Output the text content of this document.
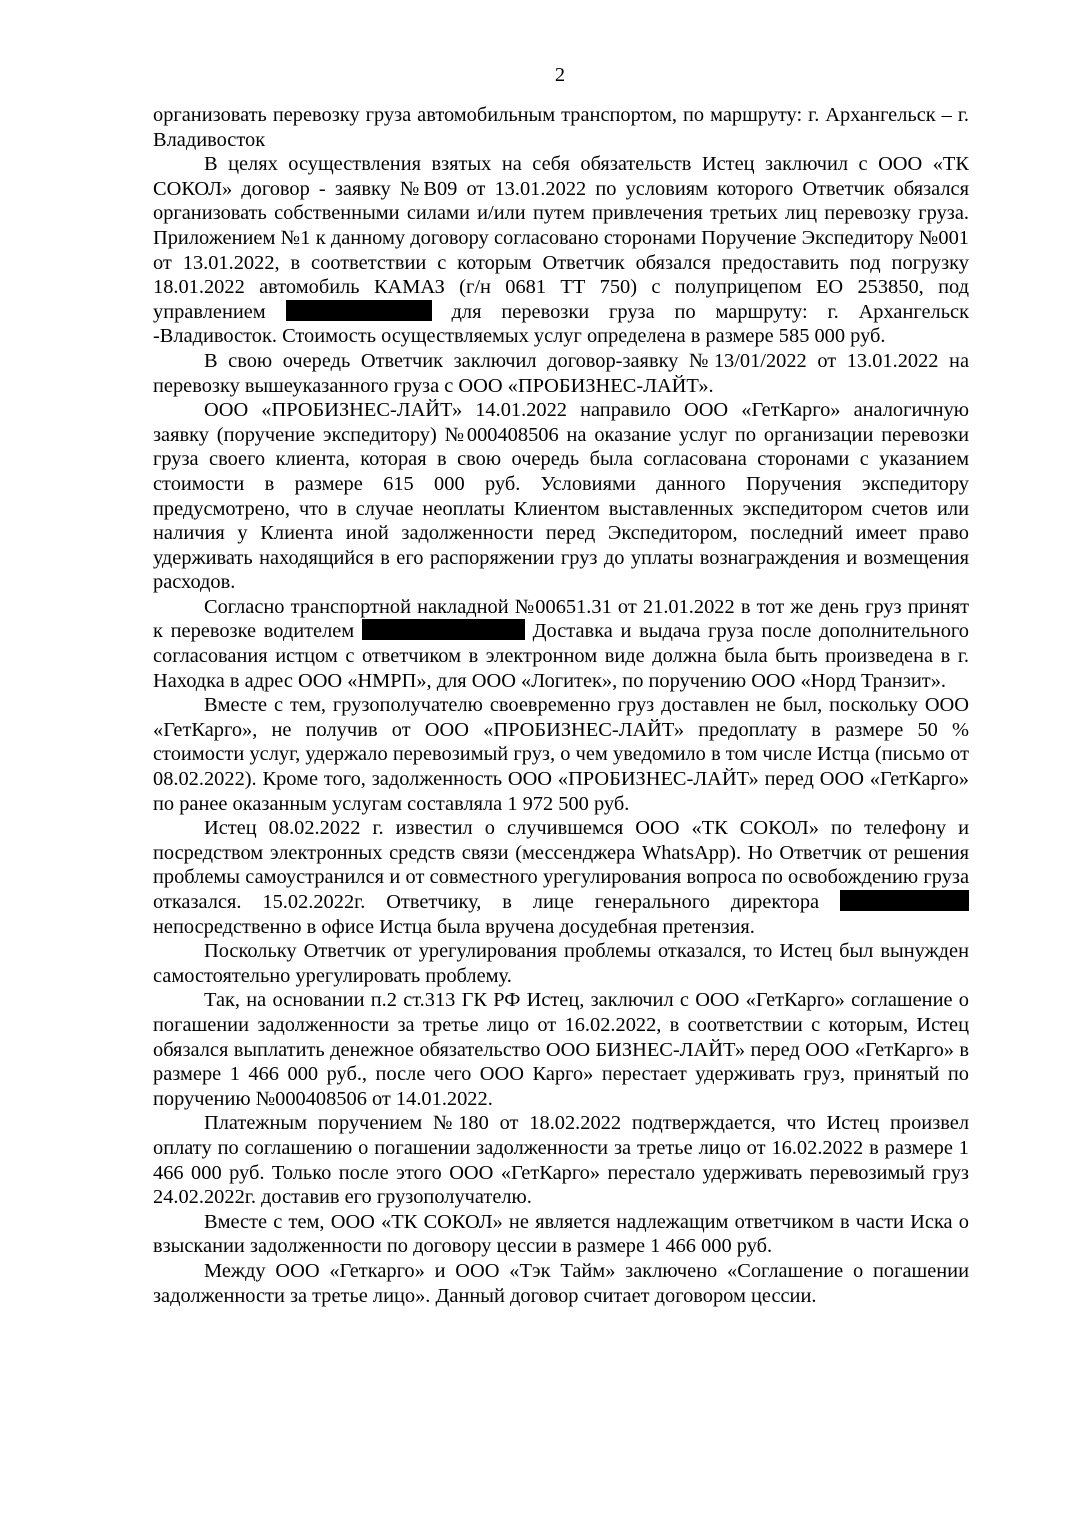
2

организовать перевозку груза автомобильным транспортом, по маршруту: г. Архангельск – г. Владивосток

В целях осуществления взятых на себя обязательств Истец заключил с ООО «ТК СОКОЛ» договор - заявку №В09 от 13.01.2022 по условиям которого Ответчик обязался организовать собственными силами и/или путем привлечения третьих лиц перевозку груза. Приложением №1 к данному договору согласовано сторонами Поручение Экспедитору №001 от 13.01.2022, в соответствии с которым Ответчик обязался предоставить под погрузку 18.01.2022 автомобиль КАМАЗ (г/н 0681 ТТ 750) с полуприцепом ЕО 253850, под управлением	для перевозки груза по маршруту: г. Архангельск -Владивосток. Стоимость осуществляемых услуг определена в размере 585 000 руб.

В свою очередь Ответчик заключил договор-заявку №13/01/2022 от 13.01.2022 на перевозку вышеуказанного груза с ООО «ПРОБИЗНЕС-ЛАЙТ».

ООО «ПРОБИЗНЕС-ЛАЙТ» 14.01.2022 направило ООО «ГетКарго» аналогичную заявку (поручение экспедитору) №000408506 на оказание услуг по организации перевозки груза своего клиента, которая в свою очередь была согласована сторонами с указанием стоимости в размере 615 000 руб. Условиями данного Поручения экспедитору предусмотрено, что в случае неоплаты Клиентом выставленных экспедитором счетов или наличия у Клиента иной задолженности перед Экспедитором, последний имеет право удерживать находящийся в его распоряжении груз до уплаты вознаграждения и возмещения расходов.

Согласно транспортной накладной №00651.31 от 21.01.2022 в тот же день груз принят к перевозке водителем	Доставка и выдача груза после дополнительного согласования истцом с ответчиком в электронном виде должна была быть произведена в г. Находка в адрес ООО «НМРП», для ООО «Логитек», по поручению ООО «Норд Транзит».

Вместе с тем, грузополучателю своевременно груз доставлен не был, поскольку ООО «ГетКарго», не получив от ООО «ПРОБИЗНЕС-ЛАЙТ» предоплату в размере 50 % стоимости услуг, удержало перевозимый груз, о чем уведомило в том числе Истца (письмо от 08.02.2022). Кроме того, задолженность ООО «ПРОБИЗНЕС-ЛАЙТ» перед ООО «ГетКарго» по ранее оказанным услугам составляла 1 972 500 руб.

Истец 08.02.2022 г. известил о случившемся ООО «ТК СОКОЛ» по телефону и посредством электронных средств связи (мессенджера WhatsApp). Но Ответчик от решения проблемы самоустранился и от совместного урегулирования вопроса по освобождению груза отказался. 15.02.2022г. Ответчику, в лице генерального директора  непосредственно в офисе Истца была вручена досудебная претензия.

Поскольку Ответчик от урегулирования проблемы отказался, то Истец был вынужден самостоятельно урегулировать проблему.

Так, на основании п.2 ст.313 ГК РФ Истец, заключил с ООО «ГетКарго» соглашение о погашении задолженности за третье лицо от 16.02.2022, в соответствии с которым, Истец обязался выплатить денежное обязательство ООО БИЗНЕС-ЛАЙТ» перед ООО «ГетКарго» в размере 1 466 000 руб., после чего ООО Карго» перестает удерживать груз, принятый по поручению №000408506 от 14.01.2022.

Платежным поручением №180 от 18.02.2022 подтверждается, что Истец произвел оплату по соглашению о погашении задолженности за третье лицо от 16.02.2022 в размере 1 466 000 руб. Только после этого ООО «ГетКарго» перестало удерживать перевозимый груз 24.02.2022г. доставив его грузополучателю.

Вместе с тем, ООО «ТК СОКОЛ» не является надлежащим ответчиком в части Иска о взыскании задолженности по договору цессии в размере 1 466 000 руб.

Между ООО «Геткарго» и ООО «Тэк Тайм» заключено «Соглашение о погашении задолженности за третье лицо». Данный договор считает договором цессии.
